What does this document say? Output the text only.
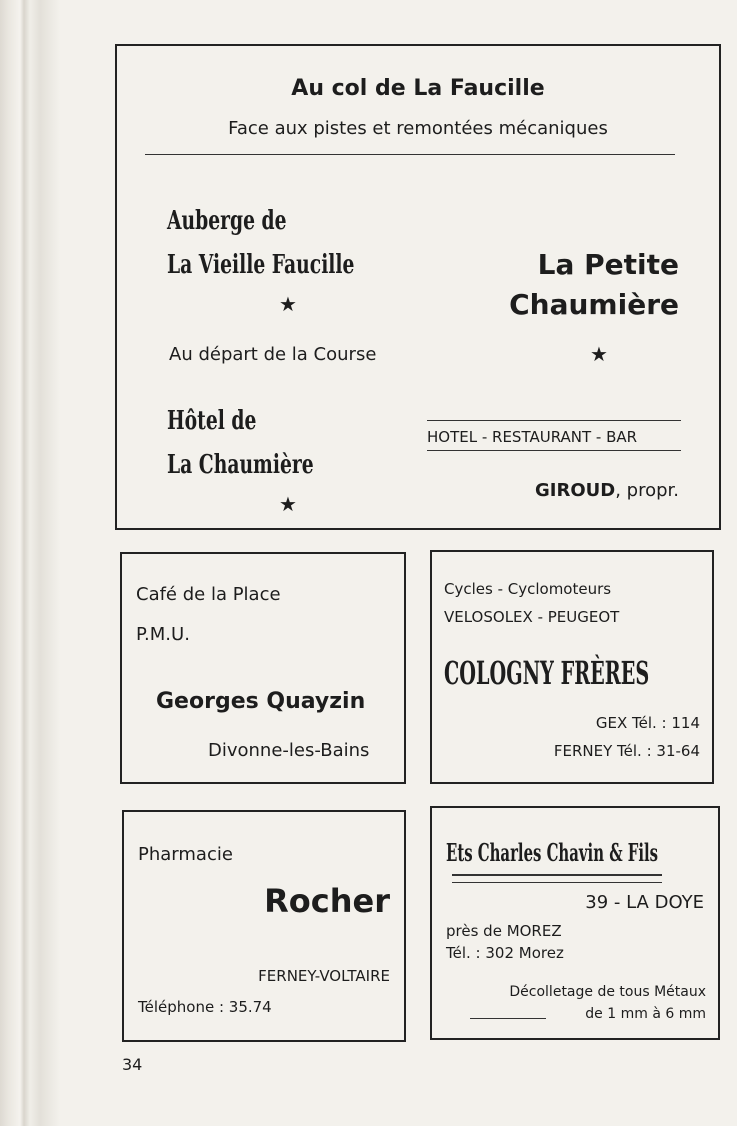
Au col de La Faucille
Face aux pistes et remontées mécaniques
Auberge de
La Vieille Faucille
★
Au départ de la Course
Hôtel de
La Chaumière
★
La Petite
Chaumière
★
HOTEL - RESTAURANT - BAR
GIROUD, propr.
Café de la Place
P.M.U.
Georges Quayzin
Divonne-les-Bains
Cycles - Cyclomoteurs
VELOSOLEX - PEUGEOT
COLOGNY FRÈRES
GEX Tél. : 114
FERNEY Tél. : 31-64
Pharmacie
Rocher
FERNEY-VOLTAIRE
Téléphone : 35.74
Ets Charles Chavin & Fils
39 - LA DOYE
près de MOREZ
Tél. : 302 Morez
Décolletage de tous Métaux
de 1 mm à 6 mm
34
